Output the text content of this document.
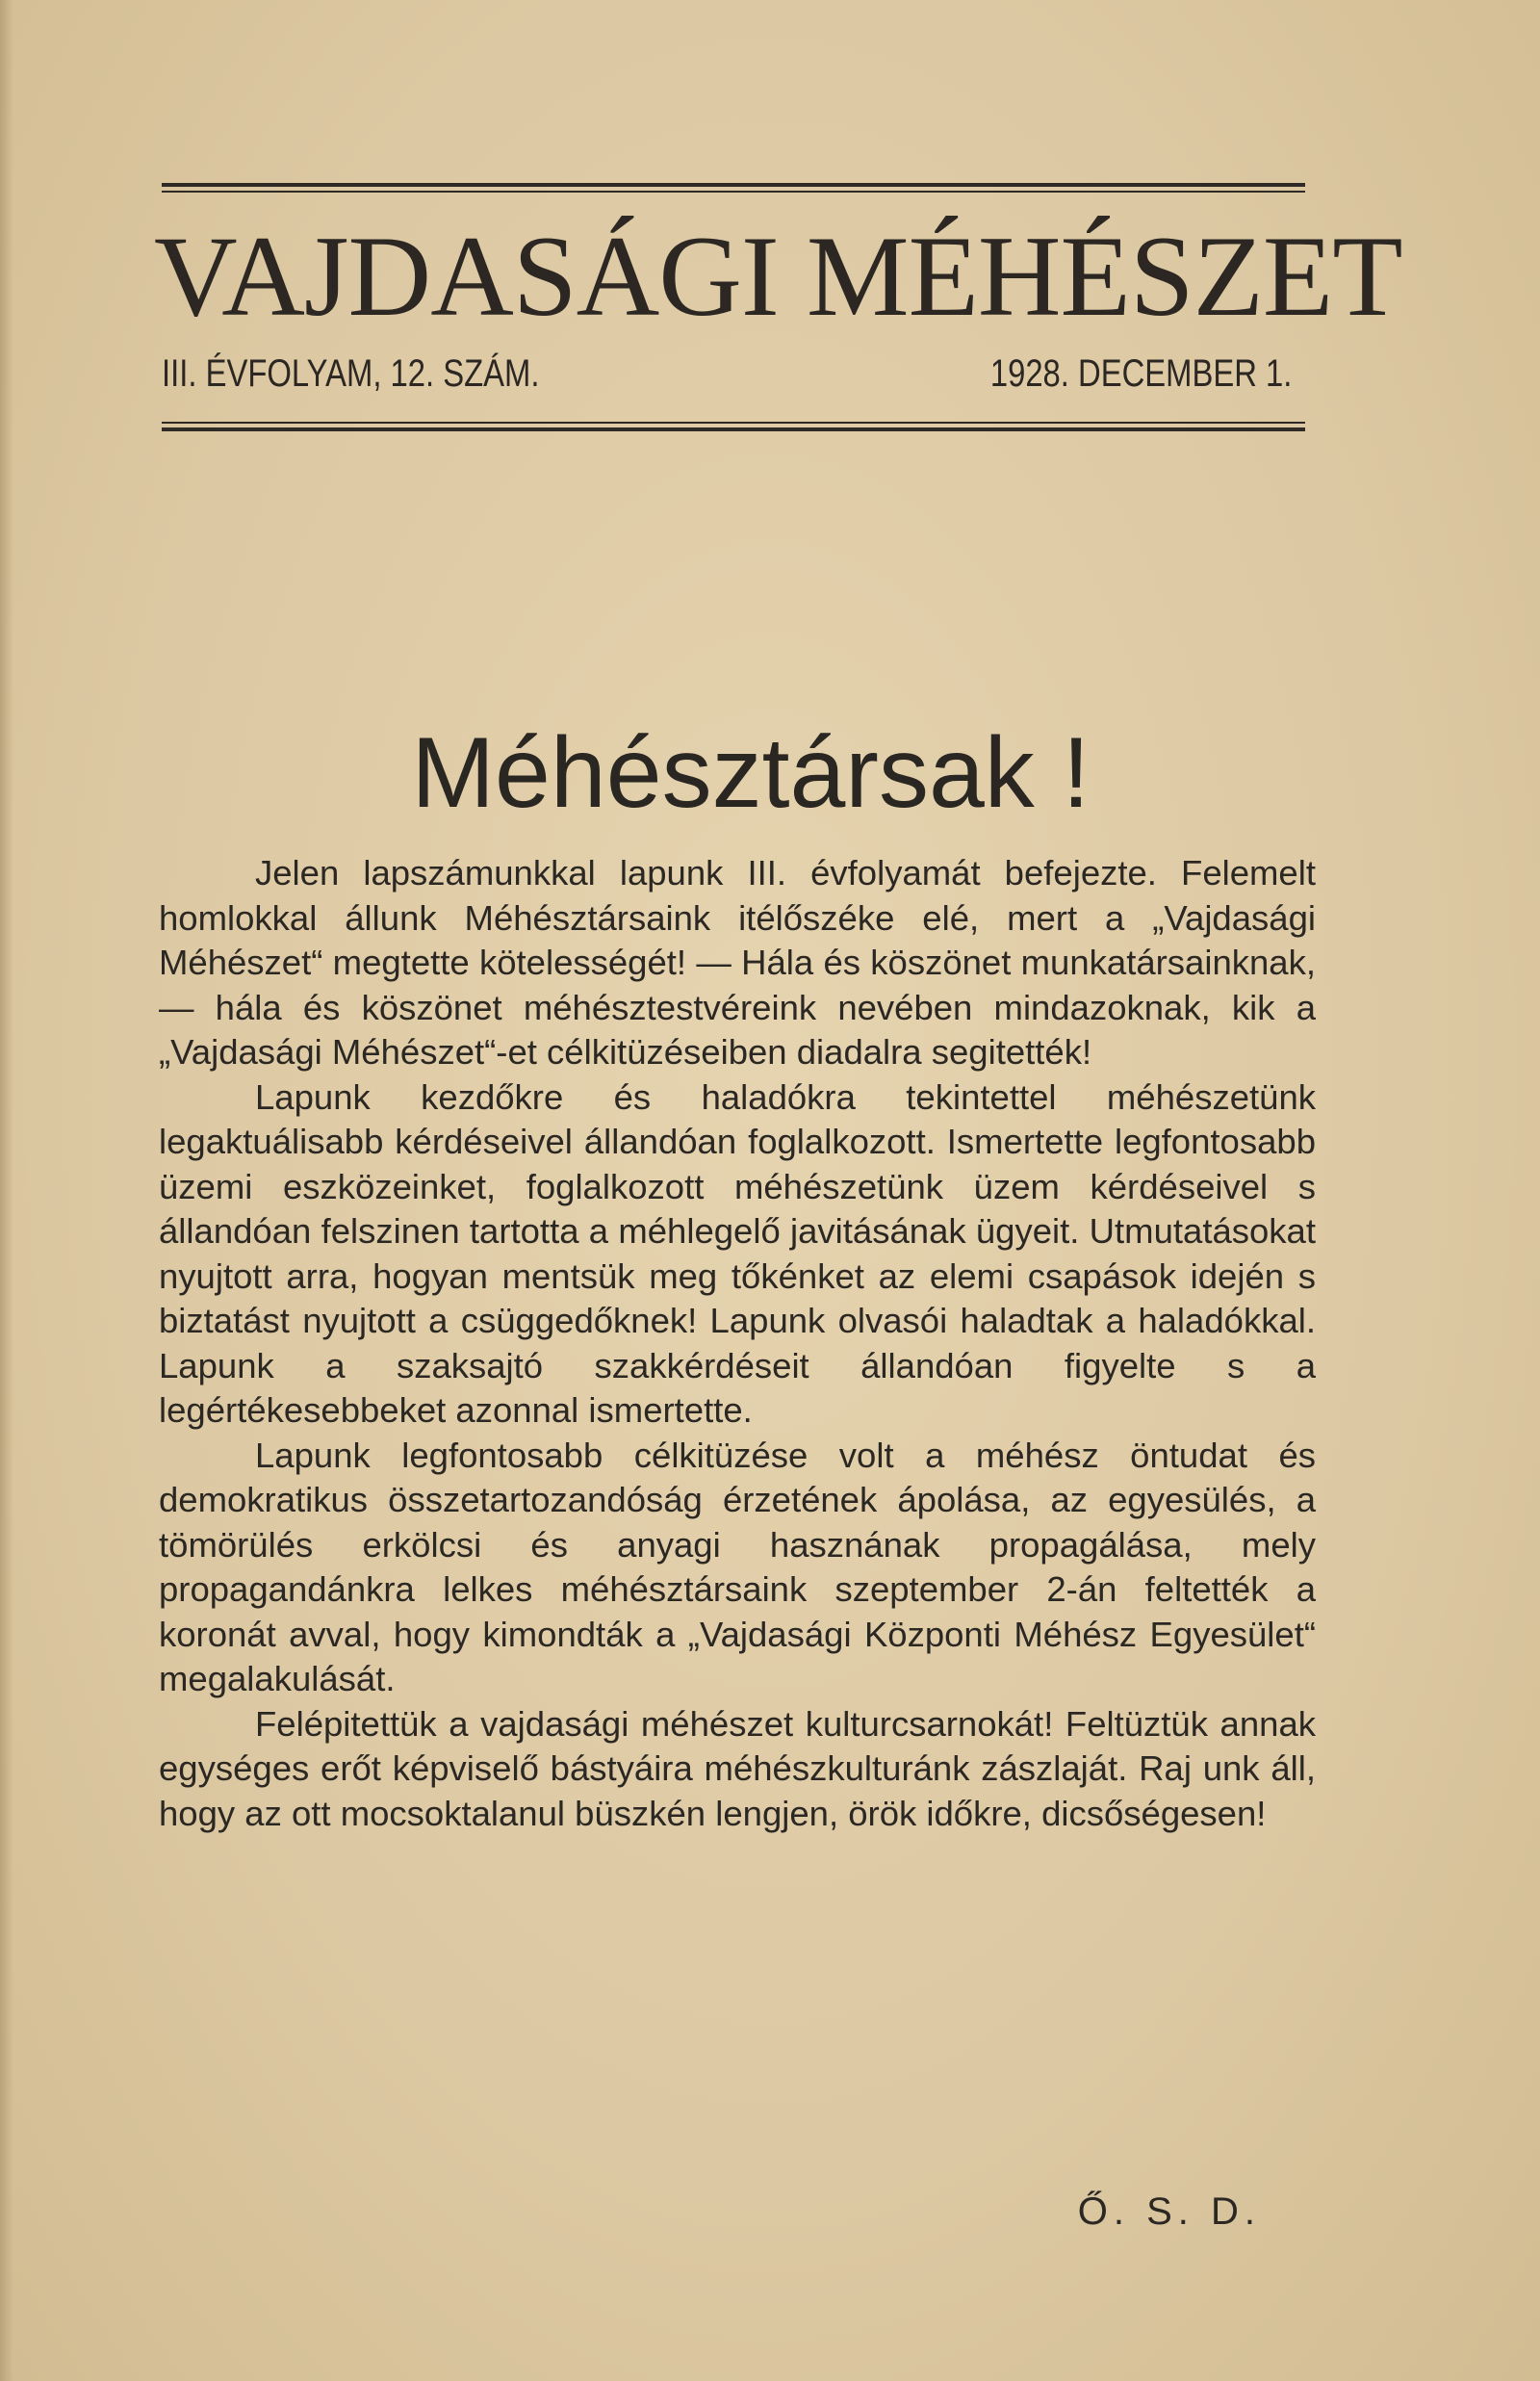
VAJDASÁGI MÉHÉSZET
III. ÉVFOLYAM, 12. SZÁM.	1928. DECEMBER 1.
Méhésztársak !

Jelen lapszámunkkal lapunk III. évfolyamát befejezte. Felemelt homlokkal állunk Méhésztársaink itélőszéke elé, mert a „Vajdasági Méhészet“ megtette kötelességét! — Hála és köszönet munkatársainknak, — hála és köszönet méhésztestvéreink nevében mindazoknak, kik a „Vajdasági Méhészet“-et célkitüzéseiben diadalra segitették!

Lapunk kezdőkre és haladókra tekintettel méhészetünk legaktuálisabb kérdéseivel állandóan foglalkozott. Ismertette legfontosabb üzemi eszközeinket, foglalkozott méhészetünk üzem kérdéseivel s állandóan felszinen tartotta a méhlegelő javitásának ügyeit. Utmutatásokat nyujtott arra, hogyan mentsük meg tőkénket az elemi csapások idején s biztatást nyujtott a csüggedőknek! Lapunk olvasói haladtak a haladókkal. Lapunk a szaksajtó szakkérdéseit állandóan figyelte s a legértékesebbeket azonnal ismertette.

Lapunk legfontosabb célkitüzése volt a méhész öntudat és demokratikus összetartozandóság érzetének ápolása, az egyesülés, a tömörülés erkölcsi és anyagi hasznának propagálása, mely propagandánkra lelkes méhésztársaink szeptember 2-án feltették a koronát avval, hogy kimondták a „Vajdasági Központi Méhész Egyesület“ megalakulását.

Felépitettük a vajdasági méhészet kulturcsarnokát! Feltüztük annak egységes erőt képviselő bástyáira méhészkulturánk zászlaját. Raj unk áll, hogy az ott mocsoktalanul büszkén lengjen, örök időkre, dicsőségesen!

Ő. S. D.
